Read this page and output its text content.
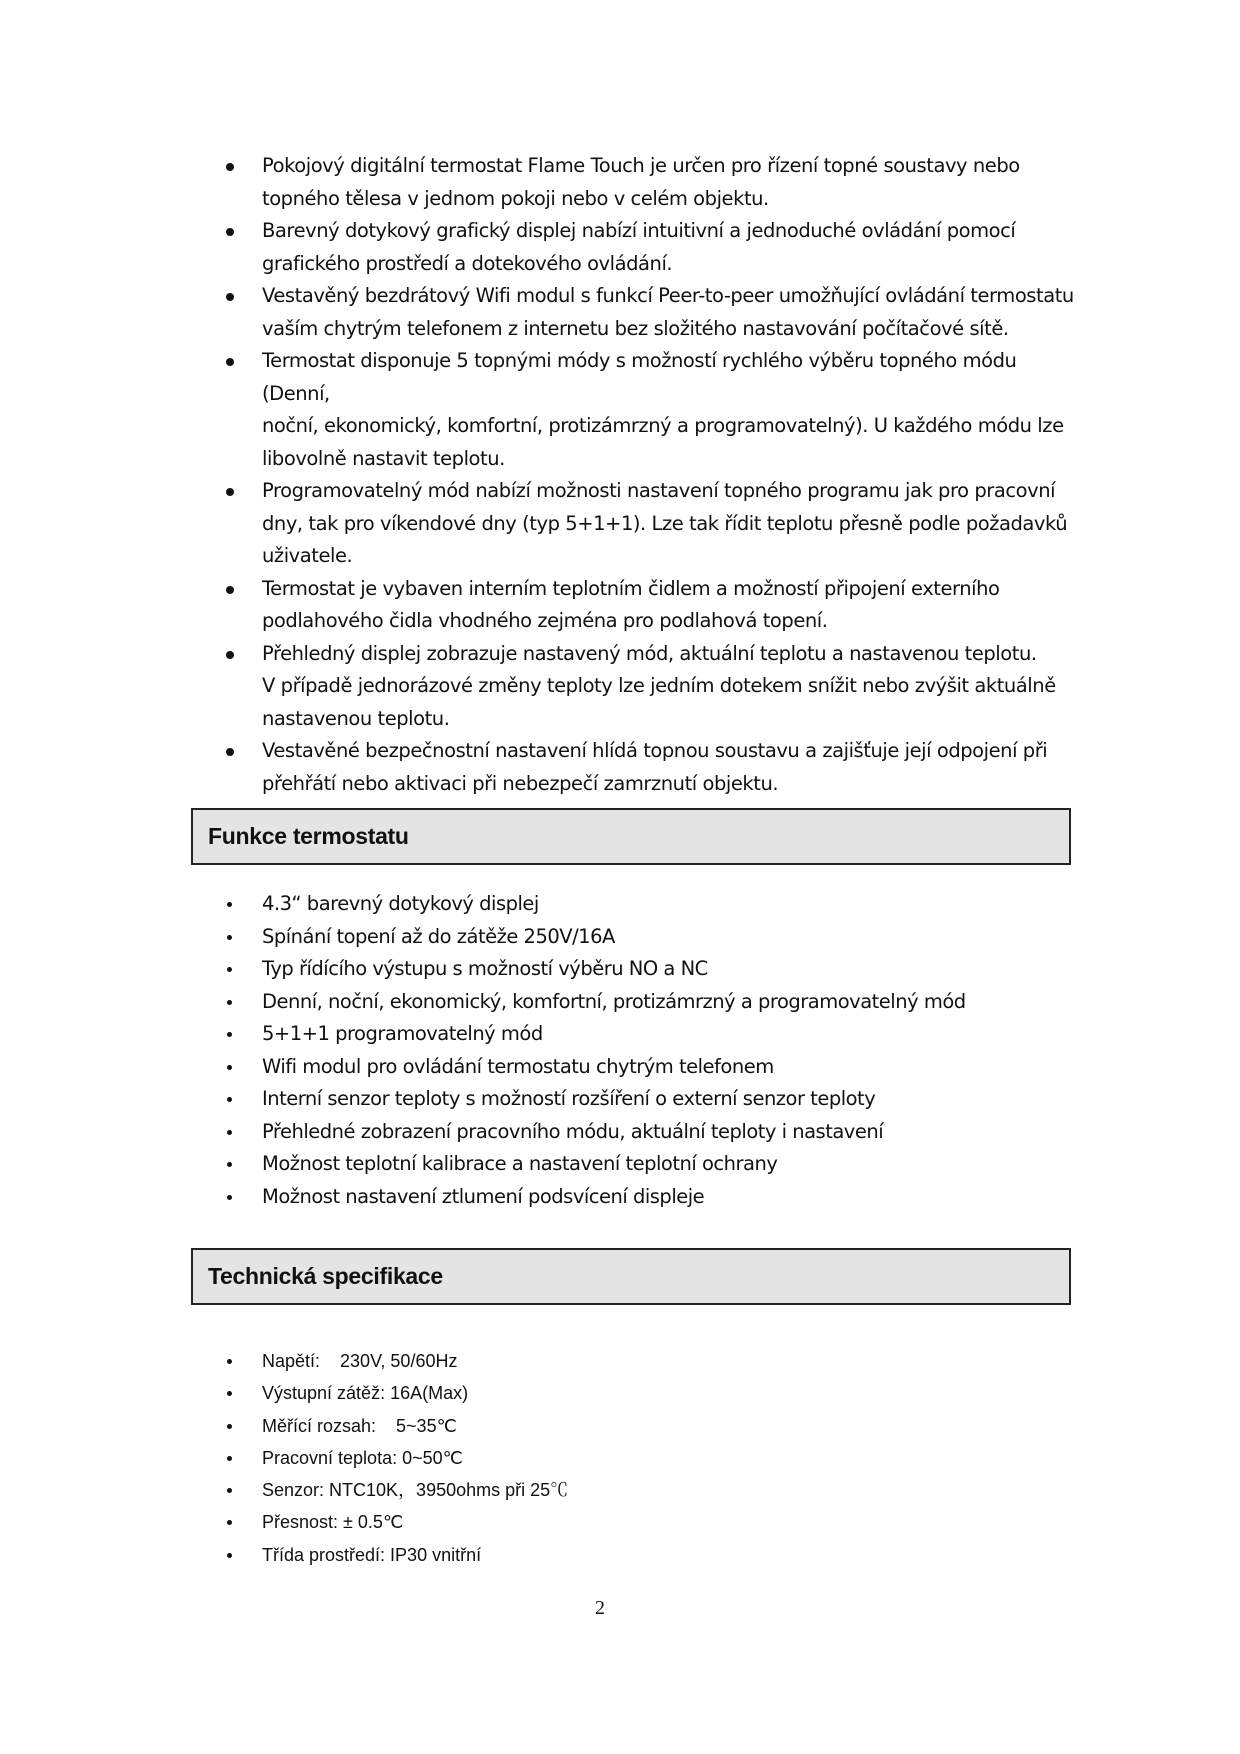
Pokojový digitální termostat Flame Touch je určen pro řízení topné soustavy nebo
topného tělesa v jednom pokoji nebo v celém objektu.
Barevný dotykový grafický displej nabízí intuitivní a jednoduché ovládání pomocí
grafického prostředí a dotekového ovládání.
Vestavěný bezdrátový Wifi modul s funkcí Peer-to-peer umožňující ovládání termostatu
vaším chytrým telefonem z internetu bez složitého nastavování počítačové sítě.
Termostat disponuje 5 topnými módy s možností rychlého výběru topného módu (Denní,
noční, ekonomický, komfortní, protizámrzný a programovatelný). U každého módu lze
libovolně nastavit teplotu.
Programovatelný mód nabízí možnosti nastavení topného programu jak pro pracovní
dny, tak pro víkendové dny (typ 5+1+1). Lze tak řídit teplotu přesně podle požadavků
uživatele.
Termostat je vybaven interním teplotním čidlem a možností připojení externího
podlahového čidla vhodného zejména pro podlahová topení.
Přehledný displej zobrazuje nastavený mód, aktuální teplotu a nastavenou teplotu.
V případě jednorázové změny teploty lze jedním dotekem snížit nebo zvýšit aktuálně
nastavenou teplotu.
Vestavěné bezpečnostní nastavení hlídá topnou soustavu a zajišťuje její odpojení při
přehřátí nebo aktivaci při nebezpečí zamrznutí objektu.
Funkce termostatu
4.3“ barevný dotykový displej
Spínání topení až do zátěže 250V/16A
Typ řídícího výstupu s možností výběru NO a NC
Denní, noční, ekonomický, komfortní, protizámrzný a programovatelný mód
5+1+1 programovatelný mód
Wifi modul pro ovládání termostatu chytrým telefonem
Interní senzor teploty s možností rozšíření o externí senzor teploty
Přehledné zobrazení pracovního módu, aktuální teploty i nastavení
Možnost teplotní kalibrace a nastavení teplotní ochrany
Možnost nastavení ztlumení podsvícení displeje
Technická specifikace
Napětí:    230V, 50/60Hz
Výstupní zátěž: 16A(Max)
Měřící rozsah:    5~35℃
Pracovní teplota: 0~50℃
Senzor: NTC10K，3950ohms při 25℃
Přesnost: ± 0.5℃
Třída prostředí: IP30 vnitřní
2
